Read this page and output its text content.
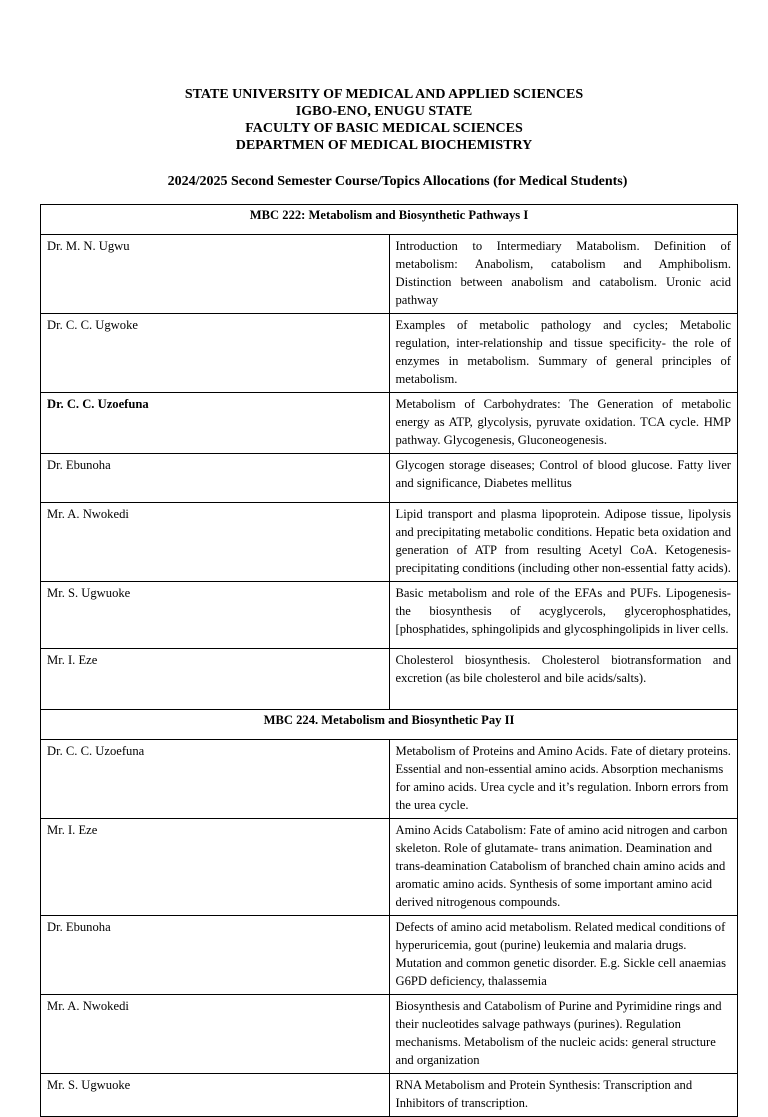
STATE UNIVERSITY OF MEDICAL AND APPLIED SCIENCES
IGBO-ENO, ENUGU STATE
FACULTY OF BASIC MEDICAL SCIENCES
DEPARTMEN OF MEDICAL BIOCHEMISTRY
2024/2025 Second Semester Course/Topics Allocations (for Medical Students)
MBC 222: Metabolism and Biosynthetic Pathways I	
Dr. M. N. Ugwu	Introduction to Intermediary Matabolism. Definition of metabolism: Anabolism, catabolism and Amphibolism. Distinction between anabolism and catabolism. Uronic acid pathway
Dr. C. C. Ugwoke	Examples of metabolic pathology and cycles; Metabolic regulation, inter-relationship and tissue specificity- the role of enzymes in metabolism. Summary of general principles of metabolism.
Dr. C. C. Uzoefuna	Metabolism of Carbohydrates: The Generation of metabolic energy as ATP, glycolysis, pyruvate oxidation. TCA cycle. HMP pathway. Glycogenesis, Gluconeogenesis.
Dr. Ebunoha	Glycogen storage diseases; Control of blood glucose. Fatty liver and significance, Diabetes mellitus
Mr. A. Nwokedi	Lipid transport and plasma lipoprotein. Adipose tissue, lipolysis and precipitating metabolic conditions. Hepatic beta oxidation and generation of ATP from resulting Acetyl CoA. Ketogenesis- precipitating conditions (including other non-essential fatty acids).
Mr. S. Ugwuoke	Basic metabolism and role of the EFAs and PUFs. Lipogenesis- the biosynthesis of acyglycerols, glycerophosphatides, [phosphatides, sphingolipids and glycosphingolipids in liver cells.
Mr. I. Eze	Cholesterol biosynthesis. Cholesterol biotransformation and excretion (as bile cholesterol and bile acids/salts).
MBC 224. Metabolism and Biosynthetic Pay II	
Dr. C. C. Uzoefuna	Metabolism of Proteins and Amino Acids. Fate of dietary proteins. Essential and non-essential amino acids. Absorption mechanisms for amino acids. Urea cycle and it’s regulation. Inborn errors from the urea cycle.
Mr. I. Eze	Amino Acids Catabolism: Fate of amino acid nitrogen and carbon skeleton. Role of glutamate- trans animation. Deamination and trans-deamination Catabolism of branched chain amino acids and aromatic amino acids. Synthesis of some important amino acid derived nitrogenous compounds.
Dr. Ebunoha	Defects of amino acid metabolism. Related medical conditions of hyperuricemia, gout (purine) leukemia and malaria drugs. Mutation and common genetic disorder. E.g. Sickle cell anaemias G6PD deficiency, thalassemia
Mr. A. Nwokedi	Biosynthesis and Catabolism of Purine and Pyrimidine rings and their nucleotides salvage pathways (purines). Regulation mechanisms. Metabolism of the nucleic acids: general structure and organization
Mr. S. Ugwuoke	RNA Metabolism and Protein Synthesis: Transcription and Inhibitors of transcription.
